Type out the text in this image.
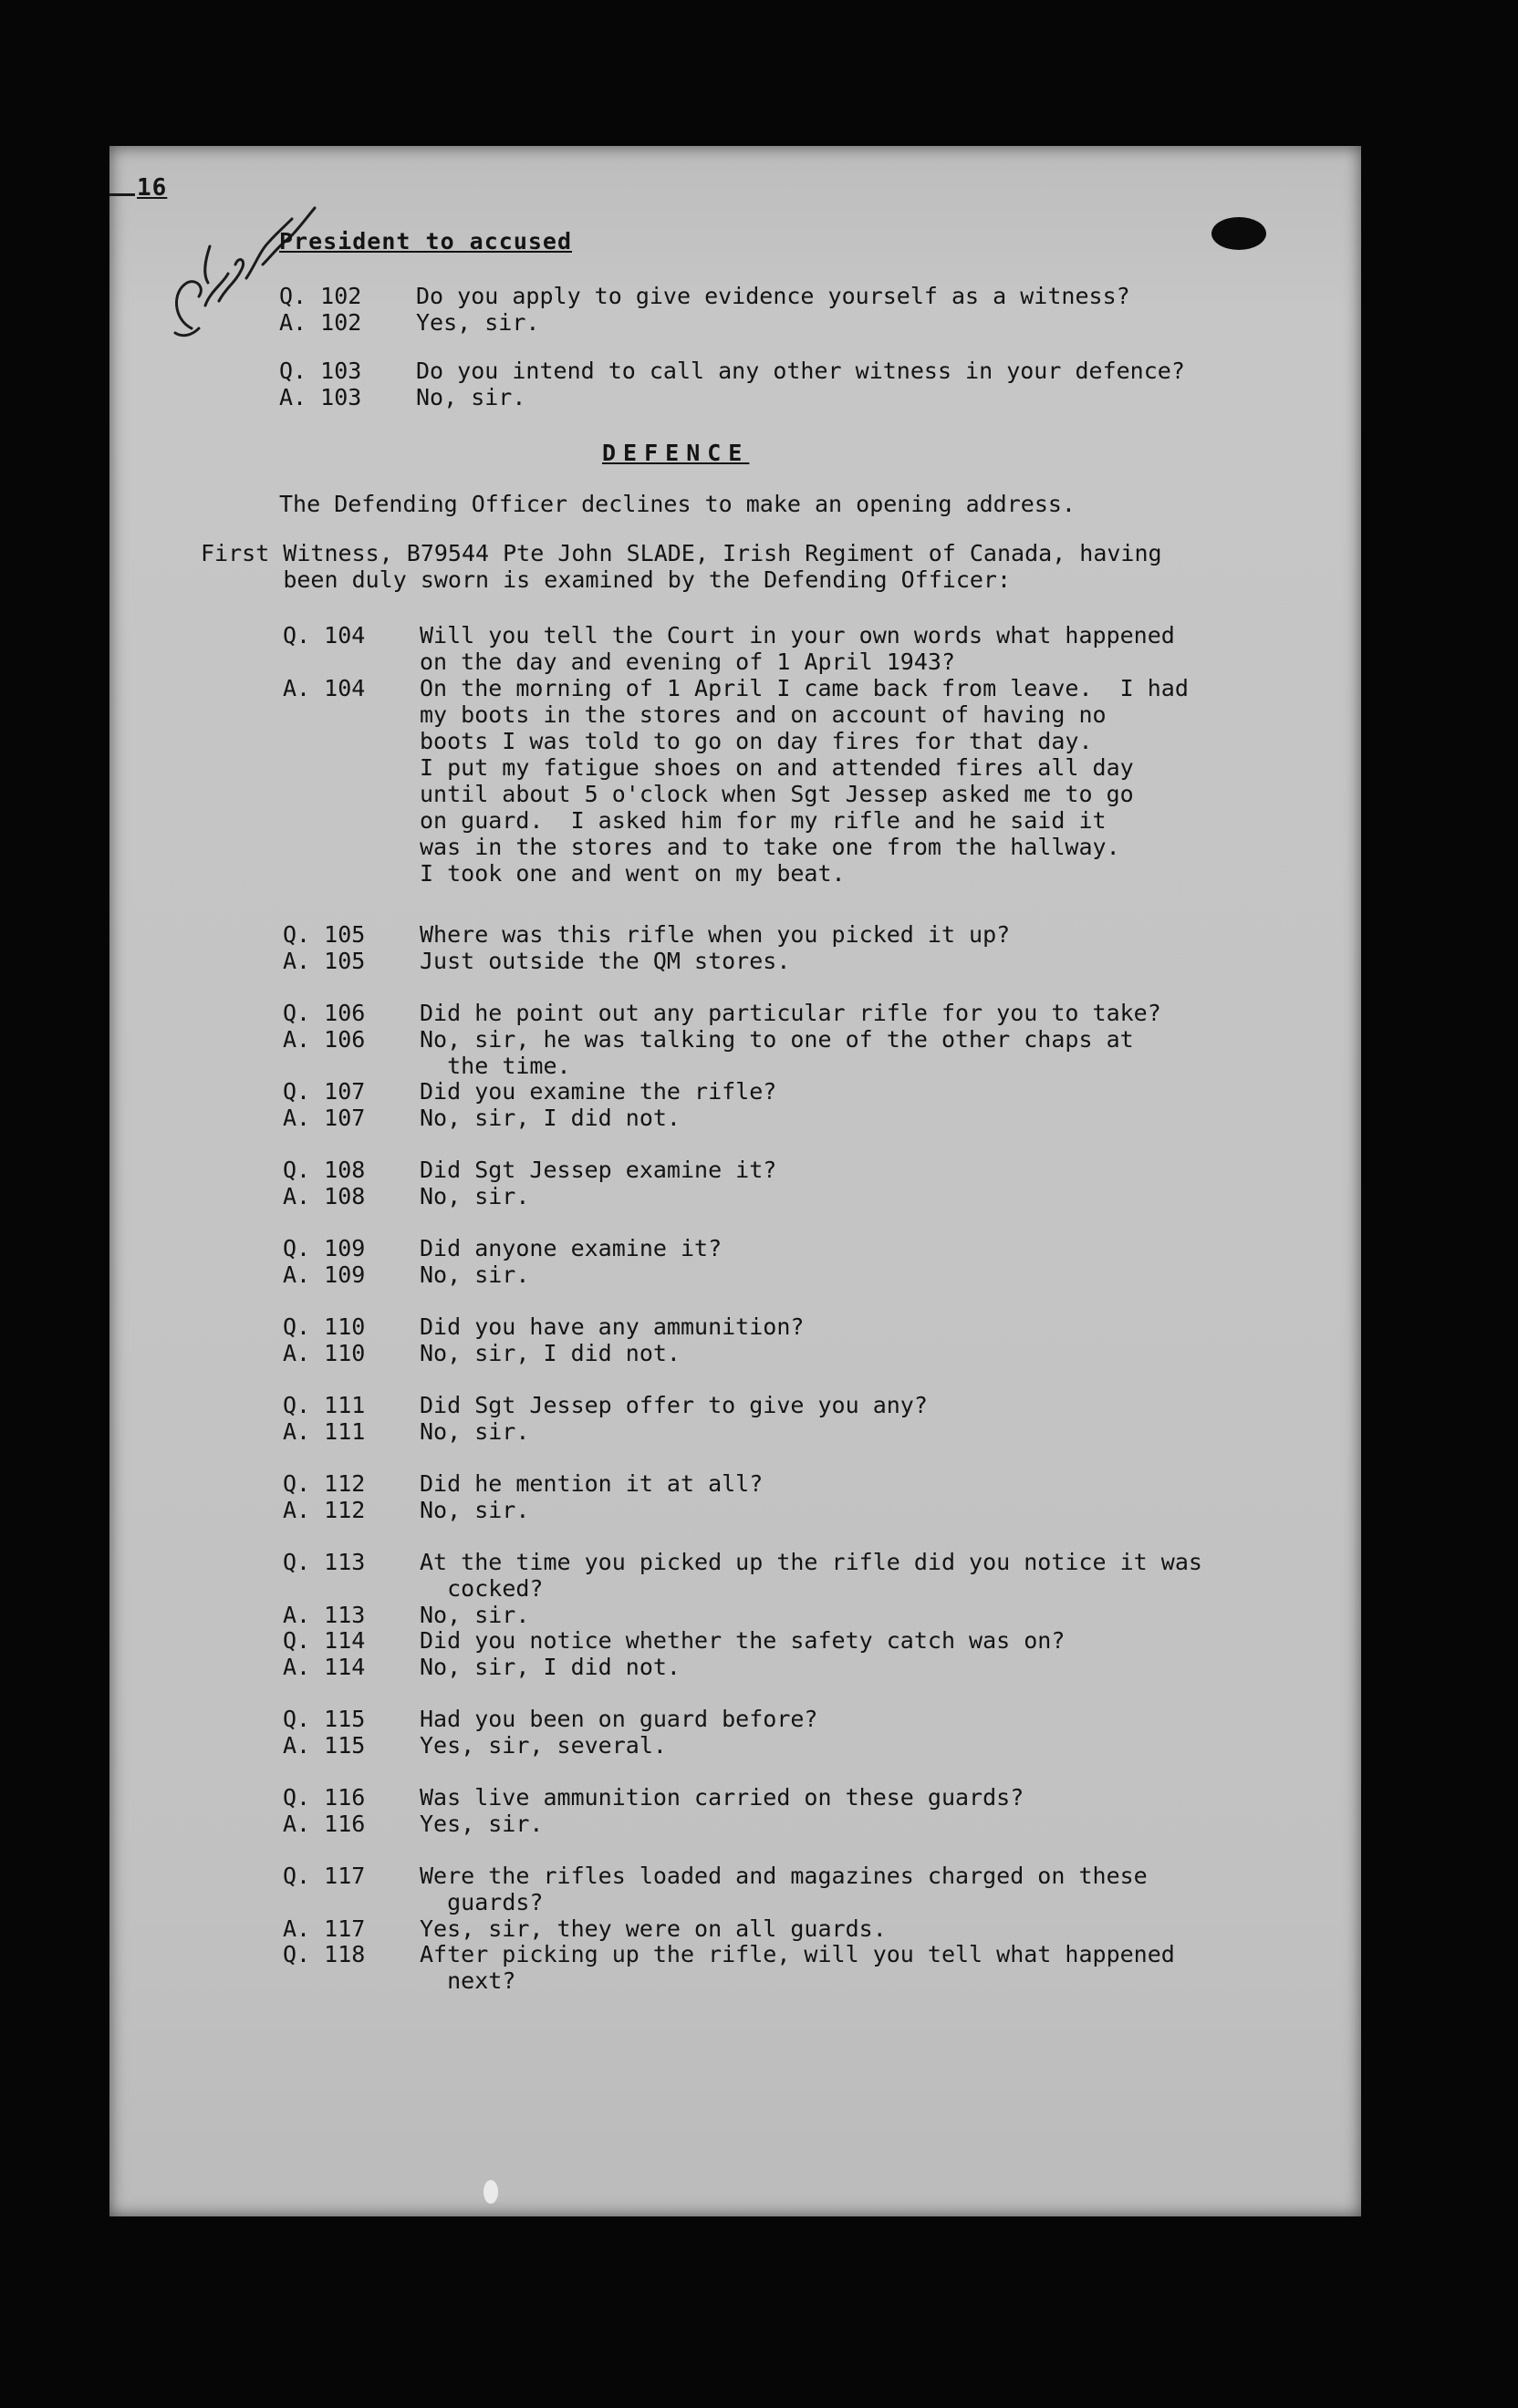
16
President to accused
Q. 102	Do you apply to give evidence yourself as a witness?
A. 102	Yes, sir.
Q. 103	Do you intend to call any other witness in your defence?
A. 103	No, sir.
DEFENCE
The Defending Officer declines to make an opening address.
First Witness, B79544 Pte John SLADE, Irish Regiment of Canada, having
been duly sworn is examined by the Defending Officer:
Q. 104	Will you tell the Court in your own words what happened
on the day and evening of 1 April 1943?
A. 104	On the morning of 1 April I came back from leave.  I had
my boots in the stores and on account of having no
boots I was told to go on day fires for that day.
I put my fatigue shoes on and attended fires all day
until about 5 o'clock when Sgt Jessep asked me to go
on guard.  I asked him for my rifle and he said it
was in the stores and to take one from the hallway.
I took one and went on my beat.
Q. 105	Where was this rifle when you picked it up?
A. 105	Just outside the QM stores.
Q. 106	Did he point out any particular rifle for you to take?
A. 106	No, sir, he was talking to one of the other chaps at
the time.
Q. 107	Did you examine the rifle?
A. 107	No, sir, I did not.
Q. 108	Did Sgt Jessep examine it?
A. 108	No, sir.
Q. 109	Did anyone examine it?
A. 109	No, sir.
Q. 110	Did you have any ammunition?
A. 110	No, sir, I did not.
Q. 111	Did Sgt Jessep offer to give you any?
A. 111	No, sir.
Q. 112	Did he mention it at all?
A. 112	No, sir.
Q. 113	At the time you picked up the rifle did you notice it was
cocked?
A. 113	No, sir.
Q. 114	Did you notice whether the safety catch was on?
A. 114	No, sir, I did not.
Q. 115	Had you been on guard before?
A. 115	Yes, sir, several.
Q. 116	Was live ammunition carried on these guards?
A. 116	Yes, sir.
Q. 117	Were the rifles loaded and magazines charged on these
guards?
A. 117	Yes, sir, they were on all guards.
Q. 118	After picking up the rifle, will you tell what happened
next?
